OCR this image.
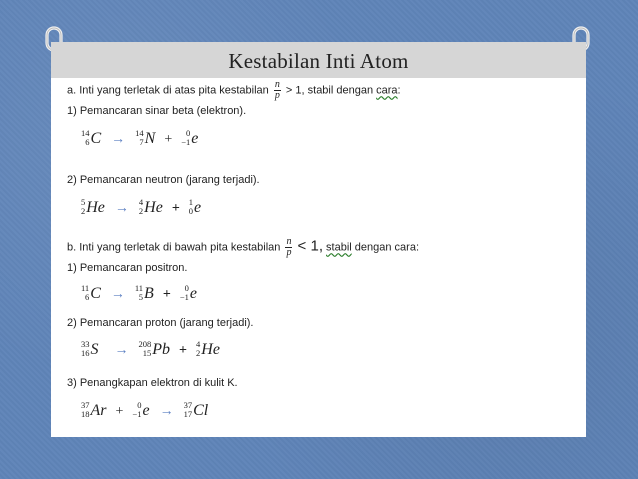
Kestabilan Inti Atom
a. Inti yang terletak di atas pita kestabilan $\frac{n}{p} > 1$, stabil dengan cara:
1) Pemancaran sinar beta (elektron).
14
6 C → 14
7 N +	0
−1 e
2) Pemancaran neutron (jarang terjadi).
5
2 He → 4
2 He + 1
0 e
b. Inti yang terletak di bawah pita kestabilan $\frac{n}{p} < 1$, stabil dengan cara:
1) Pemancaran positron.
11
6 C → 11
5 B +	0
−1 e
2) Pemancaran proton (jarang terjadi).
33
16 S → 208
15 Pb + 4
2 He
3) Penangkapan elektron di kulit K.
37
18 Ar +	0
−1 e → 37
17 Cl
